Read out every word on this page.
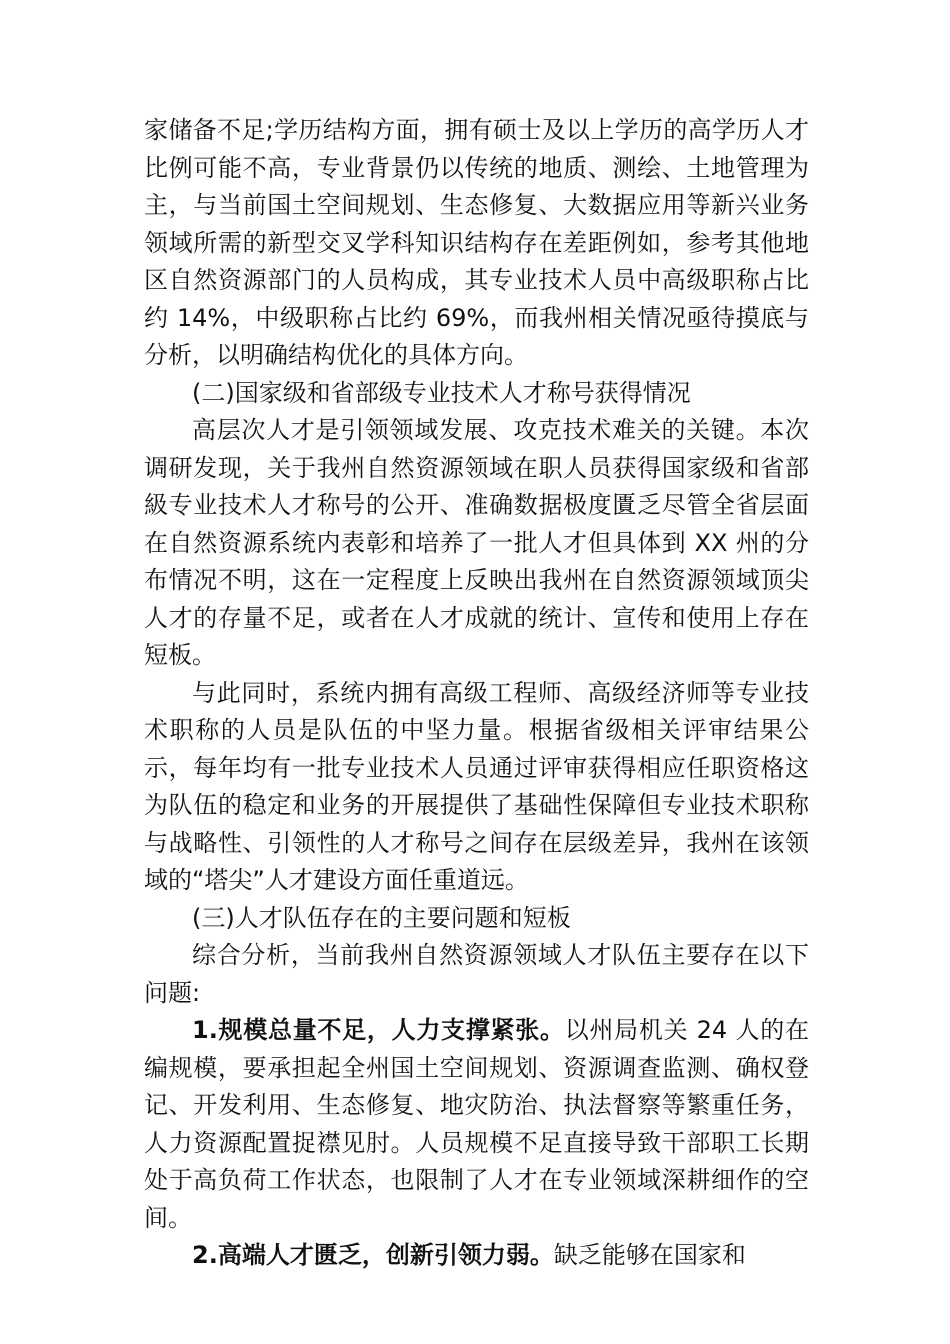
家储备不足;学历结构方面，拥有硕士及以上学历的高学历人才比例可能不高，专业背景仍以传统的地质、测绘、土地管理为主，与当前国土空间规划、生态修复、大数据应用等新兴业务领域所需的新型交叉学科知识结构存在差距例如，参考其他地区自然资源部门的人员构成，其专业技术人员中高级职称占比约 14%，中级职称占比约 69%，而我州相关情况亟待摸底与分析，以明确结构优化的具体方向。

(二)国家级和省部级专业技术人才称号获得情况

高层次人才是引领领域发展、攻克技术难关的关键。本次调研发现，关于我州自然资源领域在职人员获得国家级和省部級专业技术人才称号的公开、准确数据极度匱乏尽管全省层面在自然资源系统内表彰和培养了一批人才但具体到 XX 州的分布情况不明，这在一定程度上反映出我州在自然资源领域顶尖人才的存量不足，或者在人才成就的统计、宣传和使用上存在短板。

与此同时，系统内拥有高级工程师、高级经济师等专业技术职称的人员是队伍的中坚力量。根据省级相关评审结果公示，每年均有一批专业技术人员通过评审获得相应任职资格这为队伍的稳定和业务的开展提供了基础性保障但专业技术职称与战略性、引领性的人才称号之间存在层级差异，我州在该领域的“塔尖”人才建设方面任重道远。

(三)人才队伍存在的主要问题和短板

综合分析，当前我州自然资源领域人才队伍主要存在以下问题:

1.规模总量不足，人力支撑紧张。以州局机关 24 人的在编规模，要承担起全州国土空间规划、资源调查监测、确权登记、开发利用、生态修复、地灾防治、执法督察等繁重任务，人力资源配置捉襟见肘。人员规模不足直接导致干部职工长期处于高负荷工作状态，也限制了人才在专业领域深耕细作的空间。

2.高端人才匮乏，创新引领力弱。缺乏能够在国家和
